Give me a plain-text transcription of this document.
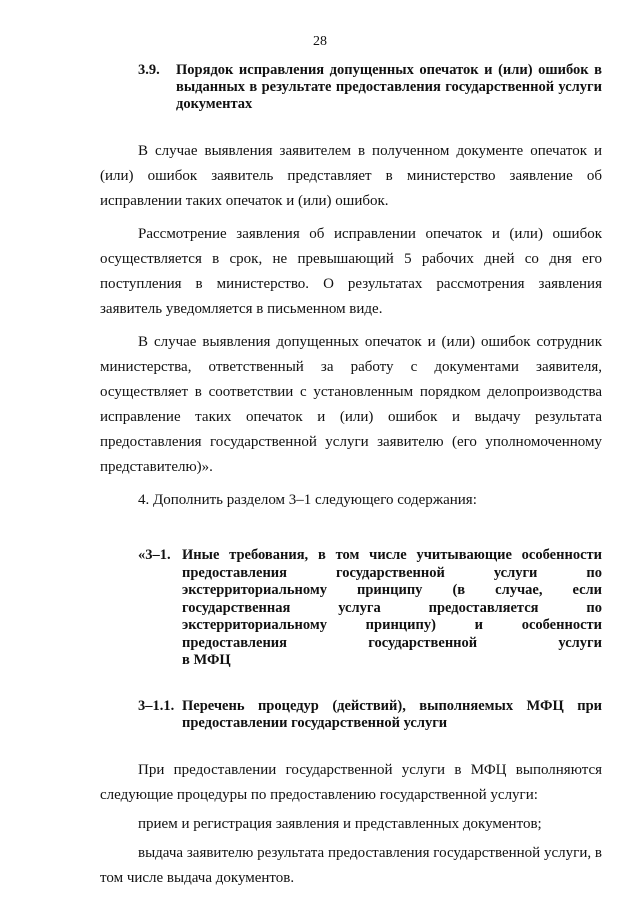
28
3.9.	Порядок исправления допущенных опечаток и (или) ошибок в выданных в результате предоставления государственной услуги документах

В случае выявления заявителем в полученном документе опечаток и (или) ошибок заявитель представляет в министерство заявление об исправлении таких опечаток и (или) ошибок.

Рассмотрение заявления об исправлении опечаток и (или) ошибок осуществляется в срок, не превышающий 5 рабочих дней со дня его поступления в министерство. О результатах рассмотрения заявления заявитель уведомляется в письменном виде.

В случае выявления допущенных опечаток и (или) ошибок сотрудник министерства, ответственный за работу с документами заявителя, осуществляет в соответствии с установленным порядком делопроизводства исправление таких опечаток и (или) ошибок и выдачу результата предоставления государственной услуги заявителю (его уполномоченному представителю)».

4. Дополнить разделом 3–1 следующего содержания:

«3–1. Иные требования, в том числе учитывающие особенности
предоставления государственной услуги по
экстерриториальному принципу (в случае, если
государственная услуга предоставляется по
экстерриториальному принципу) и особенности
предоставления государственной услуги
в МФЦ
3–1.1. Перечень процедур (действий), выполняемых МФЦ при предоставлении государственной услуги

При предоставлении государственной услуги в МФЦ выполняются следующие процедуры по предоставлению государственной услуги:

прием и регистрация заявления и представленных документов;

выдача заявителю результата предоставления государственной услуги, в том числе выдача документов.
